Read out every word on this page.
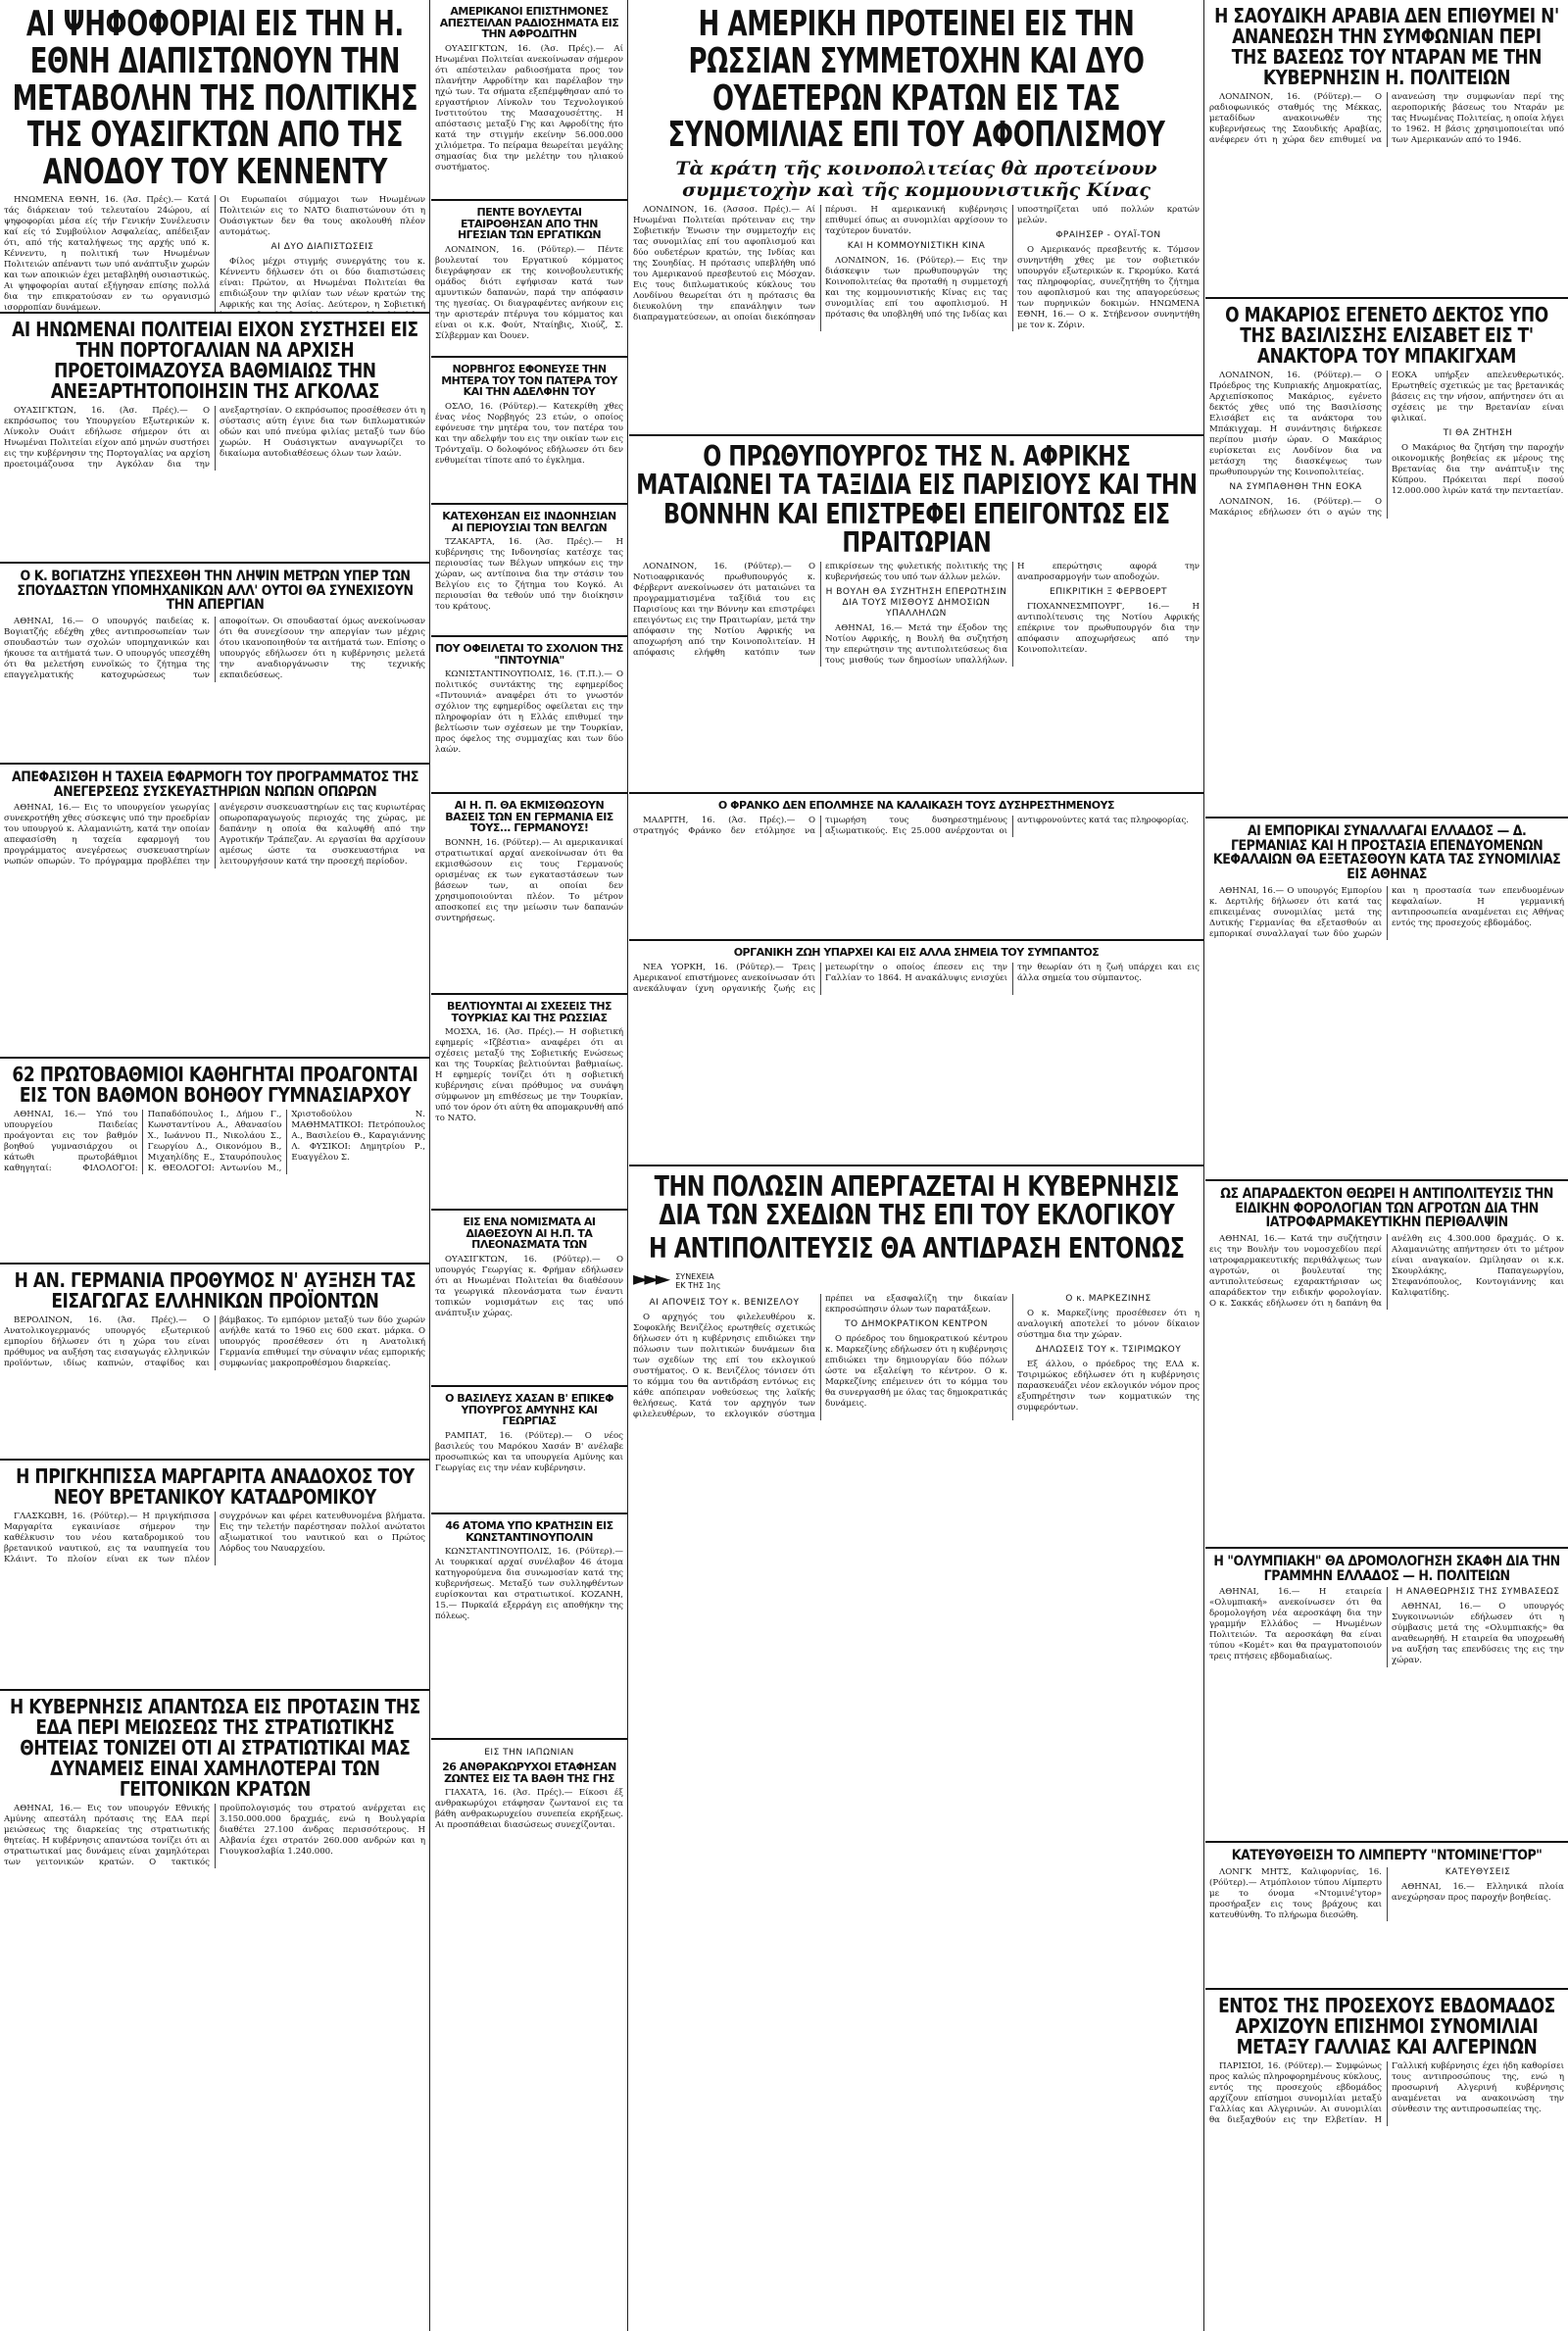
ΑΙ ΨΗΦΟΦΟΡΙΑΙ ΕΙΣ ΤΗΝ Η. ΕΘΝΗ ΔΙΑΠΙΣΤΩΝΟΥΝ ΤΗΝ ΜΕΤΑΒΟΛΗΝ ΤΗΣ ΠΟΛΙΤΙΚΗΣ ΤΗΣ ΟΥΑΣΙΓΚΤΩΝ ΑΠΟ ΤΗΣ ΑΝΟΔΟΥ ΤΟΥ ΚΕΝΝΕΝΤΥ

ΗΝΩΜΕΝΑ ΕΘΝΗ, 16. (Άσ. Πρές).— Κατά τάς διάρκειαν τού τελευταίου 24ώρου, αί ψηφοφορίαι μέσα είς τήν Γενικήν Συνέλευσιν καί είς τό Συμβούλιον Ασφαλείας, απέδειξαν ότι, από τής καταλήψεως της αρχής υπό κ. Κέννεντυ, η πολιτική των Ηνωμένων Πολιτειών απέναντι των υπό ανάπτυξιν χωρών και των αποικιών έχει μεταβληθή ουσιαστικώς. Αι ψηφοφορίαι αυταί εξήγησαν επίσης πολλά δια την επικρατούσαν εν τω οργανισμώ ισορροπίαν δυνάμεων.

Οι Ευρωπαίοι σύμμαχοι των Ηνωμένων Πολιτειών εις το ΝΑΤΟ διαπιστώνουν ότι η Ουάσιγκτων δεν θα τους ακολουθή πλέον αυτομάτως.

ΑΙ ΔΥΟ ΔΙΑΠΙΣΤΩΣΕΙΣ

Φίλος μέχρι στιγμής συνεργάτης του κ. Κέννεντυ δήλωσεν ότι οι δύο διαπιστώσεις είναι: Πρώτον, αι Ηνωμέναι Πολιτείαι θα επιδιώξουν την φιλίαν των νέων κρατών της Αφρικής και της Ασίας. Δεύτερον, η Σοβιετική

ΑΙ ΗΝΩΜΕΝΑΙ ΠΟΛΙΤΕΙΑΙ ΕΙΧΟΝ ΣΥΣΤΗΣΕΙ ΕΙΣ ΤΗΝ ΠΟΡΤΟΓΑΛΙΑΝ ΝΑ ΑΡΧΙΣΗ ΠΡΟΕΤΟΙΜΑΖΟΥΣΑ ΒΑΘΜΙΑΙΩΣ ΤΗΝ ΑΝΕΞΑΡΤΗΤΟΠΟΙΗΣΙΝ ΤΗΣ ΑΓΚΟΛΑΣ

ΟΥΑΣΙΓΚΤΩΝ, 16. (Άσ. Πρές).— Ο εκπρόσωπος του Υπουργείου Εξωτερικών κ. Λίνκολν Ουάιτ εδήλωσε σήμερον ότι αι Ηνωμέναι Πολιτείαι είχον από μηνών συστήσει εις την κυβέρνησιν της Πορτογαλίας να αρχίση προετοιμάζουσα την Αγκόλαν δια την ανεξαρτησίαν. Ο εκπρόσωπος προσέθεσεν ότι η σύστασις αύτη έγινε δια των διπλωματικών οδών και υπό πνεύμα φιλίας μεταξύ των δύο χωρών. Η Ουάσιγκτων αναγνωρίζει το δικαίωμα αυτοδιαθέσεως όλων των λαών.

Ο Κ. ΒΟΓΙΑΤΖΗΣ ΥΠΕΣΧΕΘΗ ΤΗΝ ΛΗΨΙΝ ΜΕΤΡΩΝ ΥΠΕΡ ΤΩΝ ΣΠΟΥΔΑΣΤΩΝ ΥΠΟΜΗΧΑΝΙΚΩΝ ΑΛΛ' ΟΥΤΟΙ ΘΑ ΣΥΝΕΧΙΣΟΥΝ ΤΗΝ ΑΠΕΡΓΙΑΝ

ΑΘΗΝΑΙ, 16.— Ο υπουργός παιδείας κ. Βογιατζής εδέχθη χθες αντιπροσωπείαν των σπουδαστών των σχολών υπομηχανικών και ήκουσε τα αιτήματά των. Ο υπουργός υπεσχέθη ότι θα μελετήση ευνοϊκώς το ζήτημα της επαγγελματικής κατοχυρώσεως των αποφοίτων. Οι σπουδασταί όμως ανεκοίνωσαν ότι θα συνεχίσουν την απεργίαν των μέχρις ότου ικανοποιηθούν τα αιτήματά των. Επίσης ο υπουργός εδήλωσεν ότι η κυβέρνησις μελετά την αναδιοργάνωσιν της τεχνικής εκπαιδεύσεως.

ΑΠΕΦΑΣΙΣΘΗ Η ΤΑΧΕΙΑ ΕΦΑΡΜΟΓΗ ΤΟΥ ΠΡΟΓΡΑΜΜΑΤΟΣ ΤΗΣ ΑΝΕΓΕΡΣΕΩΣ ΣΥΣΚΕΥΑΣΤΗΡΙΩΝ ΝΩΠΩΝ ΟΠΩΡΩΝ

ΑΘΗΝΑΙ, 16.— Εις το υπουργείον γεωργίας συνεκροτήθη χθες σύσκεψις υπό την προεδρίαν του υπουργού κ. Αλαμανιώτη, κατά την οποίαν απεφασίσθη η ταχεία εφαρμογή του προγράμματος ανεγέρσεως συσκευαστηρίων νωπών οπωρών. Το πρόγραμμα προβλέπει την ανέγερσιν συσκευαστηρίων εις τας κυριωτέρας οπωροπαραγωγούς περιοχάς της χώρας, με δαπάνην η οποία θα καλυφθή από την Αγροτικήν Τράπεζαν. Αι εργασίαι θα αρχίσουν αμέσως ώστε τα συσκευαστήρια να λειτουργήσουν κατά την προσεχή περίοδον.

62 ΠΡΩΤΟΒΑΘΜΙΟΙ ΚΑΘΗΓΗΤΑΙ ΠΡΟΑΓΟΝΤΑΙ ΕΙΣ ΤΟΝ ΒΑΘΜΟΝ ΒΟΗΘΟΥ ΓΥΜΝΑΣΙΑΡΧΟΥ

ΑΘΗΝΑΙ, 16.— Υπό του υπουργείου Παιδείας προάγονται εις τον βαθμόν βοηθού γυμνασιάρχου οι κάτωθι πρωτοβάθμιοι καθηγηταί: ΦΙΛΟΛΟΓΟΙ: Παπαδόπουλος Ι., Δήμου Γ., Κωνσταντίνου Α., Αθανασίου Χ., Ιωάννου Π., Νικολάου Σ., Γεωργίου Δ., Οικονόμου Β., Μιχαηλίδης Ε., Σταυρόπουλος Κ. ΘΕΟΛΟΓΟΙ: Αντωνίου Μ., Χριστοδούλου Ν. ΜΑΘΗΜΑΤΙΚΟΙ: Πετρόπουλος Α., Βασιλείου Θ., Καραγιάννης Λ. ΦΥΣΙΚΟΙ: Δημητρίου Ρ., Ευαγγέλου Σ.

Η ΑΝ. ΓΕΡΜΑΝΙΑ ΠΡΟΘΥΜΟΣ Ν' ΑΥΞΗΣΗ ΤΑΣ ΕΙΣΑΓΩΓΑΣ ΕΛΛΗΝΙΚΩΝ ΠΡΟΪΟΝΤΩΝ

ΒΕΡΟΛΙΝΟΝ, 16. (Άσ. Πρές).— Ο Ανατολικογερμανός υπουργός εξωτερικού εμπορίου δήλωσεν ότι η χώρα του είναι πρόθυμος να αυξήση τας εισαγωγάς ελληνικών προϊόντων, ιδίως καπνών, σταφίδος και βάμβακος. Το εμπόριον μεταξύ των δύο χωρών ανήλθε κατά το 1960 εις 600 εκατ. μάρκα. Ο υπουργός προσέθεσεν ότι η Ανατολική Γερμανία επιθυμεί την σύναψιν νέας εμπορικής συμφωνίας μακροπροθέσμου διαρκείας.

Η ΠΡΙΓΚΗΠΙΣΣΑ ΜΑΡΓΑΡΙΤΑ ΑΝΑΔΟΧΟΣ ΤΟΥ ΝΕΟΥ ΒΡΕΤΑΝΙΚΟΥ ΚΑΤΑΔΡΟΜΙΚΟΥ

ΓΛΑΣΚΩΒΗ, 16. (Ρόϋτερ).— Η πριγκήπισσα Μαργαρίτα εγκαινίασε σήμερον την καθέλκυσιν του νέου καταδρομικού του βρετανικού ναυτικού, εις τα ναυπηγεία του Κλάιντ. Το πλοίον είναι εκ των πλέον συγχρόνων και φέρει κατευθυνομένα βλήματα. Εις την τελετήν παρέστησαν πολλοί ανώτατοι αξιωματικοί του ναυτικού και ο Πρώτος Λόρδος του Ναυαρχείου.

Η ΚΥΒΕΡΝΗΣΙΣ ΑΠΑΝΤΩΣΑ ΕΙΣ ΠΡΟΤΑΣΙΝ ΤΗΣ ΕΔΑ ΠΕΡΙ ΜΕΙΩΣΕΩΣ ΤΗΣ ΣΤΡΑΤΙΩΤΙΚΗΣ ΘΗΤΕΙΑΣ ΤΟΝΙΖΕΙ ΟΤΙ ΑΙ ΣΤΡΑΤΙΩΤΙΚΑΙ ΜΑΣ ΔΥΝΑΜΕΙΣ ΕΙΝΑΙ ΧΑΜΗΛΟΤΕΡΑΙ ΤΩΝ ΓΕΙΤΟΝΙΚΩΝ ΚΡΑΤΩΝ

ΑΘΗΝΑΙ, 16.— Εις τον υπουργόν Εθνικής Αμύνης απεστάλη πρότασις της ΕΔΑ περί μειώσεως της διαρκείας της στρατιωτικής θητείας. Η κυβέρνησις απαντώσα τονίζει ότι αι στρατιωτικαί μας δυνάμεις είναι χαμηλότεραι των γειτονικών κρατών. Ο τακτικός προϋπολογισμός του στρατού ανέρχεται εις 3.150.000.000 δραχμάς, ενώ η Βουλγαρία διαθέτει 27.100 άνδρας περισσότερους. Η Αλβανία έχει στρατόν 260.000 ανδρών και η Γιουγκοσλαβία 1.240.000.

ΑΜΕΡΙΚΑΝΟΙ ΕΠΙΣΤΗΜΟΝΕΣ ΑΠΕΣΤΕΙΛΑΝ ΡΑΔΙΟΣΗΜΑΤΑ ΕΙΣ ΤΗΝ ΑΦΡΟΔΙΤΗΝ

ΟΥΑΣΙΓΚΤΩΝ, 16. (Άσ. Πρές).— Αί Ηνωμέναι Πολιτείαι ανεκοίνωσαν σήμερον ότι απέστειλαν ραδιοσήματα προς τον πλανήτην Αφροδίτην και παρέλαβον την ηχώ των. Τα σήματα εξεπέμφθησαν από το εργαστήριον Λίνκολν του Τεχνολογικού Ινστιτούτου της Μασαχουσέττης. Η απόστασις μεταξύ Γης και Αφροδίτης ήτο κατά την στιγμήν εκείνην 56.000.000 χιλιόμετρα. Το πείραμα θεωρείται μεγάλης σημασίας δια την μελέτην του ηλιακού συστήματος.

ΠΕΝΤΕ ΒΟΥΛΕΥΤΑΙ ΕΤΑΙΡΟΘΗΣΑΝ ΑΠΟ ΤΗΝ ΗΓΕΣΙΑΝ ΤΩΝ ΕΡΓΑΤΙΚΩΝ

ΛΟΝΔΙΝΟΝ, 16. (Ρόϋτερ).— Πέντε βουλευταί του Εργατικού κόμματος διεγράφησαν εκ της κοινοβουλευτικής ομάδος διότι εψήφισαν κατά των αμυντικών δαπανών, παρά την απόφασιν της ηγεσίας. Οι διαγραφέντες ανήκουν εις την αριστεράν πτέρυγα του κόμματος και είναι οι κ.κ. Φούτ, Νταίηβις, Χιούζ, Σ. Σίλβερμαν και Όουεν.

ΝΟΡΒΗΓΟΣ ΕΦΟΝΕΥΣΕ ΤΗΝ ΜΗΤΕΡΑ ΤΟΥ ΤΟΝ ΠΑΤΕΡΑ ΤΟΥ ΚΑΙ ΤΗΝ ΑΔΕΛΦΗΝ ΤΟΥ

ΟΣΛΟ, 16. (Ρόϋτερ).— Κατεκρίθη χθες ένας νέος Νορβηγός 23 ετών, ο οποίος εφόνευσε την μητέρα του, τον πατέρα του και την αδελφήν του εις την οικίαν των εις Τρόντχαϊμ. Ο δολοφόνος εδήλωσεν ότι δεν ενθυμείται τίποτε από το έγκλημα.

ΚΑΤΕΧΘΗΣΑΝ ΕΙΣ ΙΝΔΟΝΗΣΙΑΝ ΑΙ ΠΕΡΙΟΥΣΙΑΙ ΤΩΝ ΒΕΛΓΩΝ

ΤΖΑΚΑΡΤΑ, 16. (Άσ. Πρές).— Η κυβέρνησις της Ινδονησίας κατέσχε τας περιουσίας των Βέλγων υπηκόων εις την χώραν, ως αντίποινα δια την στάσιν του Βελγίου εις το ζήτημα του Κογκό. Αι περιουσίαι θα τεθούν υπό την διοίκησιν του κράτους.

ΠΟΥ ΟΦΕΙΛΕΤΑΙ ΤΟ ΣΧΟΛΙΟΝ ΤΗΣ "ΠΝΤΟΥΝΙΑ"

ΚΩΝΙΣΤΑΝΤΙΝΟΥΠΟΛΙΣ, 16. (Τ.Π.).— Ο πολιτικός συντάκτης της εφημερίδος «Πντουνιά» αναφέρει ότι το γνωστόν σχόλιον της εφημερίδος οφείλεται εις την πληροφορίαν ότι η Ελλάς επιθυμεί την βελτίωσιν των σχέσεων με την Τουρκίαν, προς όφελος της συμμαχίας και των δύο λαών.

ΑΙ Η. Π. ΘΑ ΕΚΜΙΣΘΩΣΟΥΝ ΒΑΣΕΙΣ ΤΩΝ ΕΝ ΓΕΡΜΑΝΙΑ ΕΙΣ ΤΟΥΣ... ΓΕΡΜΑΝΟΥΣ!

ΒΟΝΝΗ, 16. (Ρόϋτερ).— Αι αμερικανικαί στρατιωτικαί αρχαί ανεκοίνωσαν ότι θα εκμισθώσουν εις τους Γερμανούς ορισμένας εκ των εγκαταστάσεων των βάσεων των, αι οποίαι δεν χρησιμοποιούνται πλέον. Το μέτρον αποσκοπεί εις την μείωσιν των δαπανών συντηρήσεως.

ΒΕΛΤΙΟΥΝΤΑΙ ΑΙ ΣΧΕΣΕΙΣ ΤΗΣ ΤΟΥΡΚΙΑΣ ΚΑΙ ΤΗΣ ΡΩΣΣΙΑΣ

ΜΟΣΧΑ, 16. (Άσ. Πρές).— Η σοβιετική εφημερίς «Ιζβέστια» αναφέρει ότι αι σχέσεις μεταξύ της Σοβιετικής Ενώσεως και της Τουρκίας βελτιούνται βαθμιαίως. Η εφημερίς τονίζει ότι η σοβιετική κυβέρνησις είναι πρόθυμος να συνάψη σύμφωνον μη επιθέσεως με την Τουρκίαν, υπό τον όρον ότι αύτη θα απομακρυνθή από το ΝΑΤΟ.

ΕΙΣ ΕΝΑ ΝΟΜΙΣΜΑΤΑ ΑΙ ΔΙΑΘΕΣΟΥΝ ΑΙ Η.Π. ΤΑ ΠΛΕΟΝΑΣΜΑΤΑ ΤΩΝ

ΟΥΑΣΙΓΚΤΩΝ, 16. (Ρόϋτερ).— Ο υπουργός Γεωργίας κ. Φρήμαν εδήλωσεν ότι αι Ηνωμέναι Πολιτείαι θα διαθέσουν τα γεωργικά πλεονάσματα των έναντι τοπικών νομισμάτων εις τας υπό ανάπτυξιν χώρας.

Ο ΒΑΣΙΛΕΥΣ ΧΑΣΑΝ Β' ΕΠΙΚΕΦ ΥΠΟΥΡΓΟΣ ΑΜΥΝΗΣ ΚΑΙ ΓΕΩΡΓΙΑΣ

ΡΑΜΠΑΤ, 16. (Ρόϋτερ).— Ο νέος βασιλεύς του Μαρόκου Χασάν Β' ανέλαβε προσωπικώς και τα υπουργεία Αμύνης και Γεωργίας εις την νέαν κυβέρνησιν.

46 ΑΤΟΜΑ ΥΠΟ ΚΡΑΤΗΣΙΝ ΕΙΣ ΚΩΝΣΤΑΝΤΙΝΟΥΠΟΛΙΝ

ΚΩΝΣΤΑΝΤΙΝΟΥΠΟΛΙΣ, 16. (Ρόϋτερ).— Αι τουρκικαί αρχαί συνέλαβον 46 άτομα κατηγορούμενα δια συνωμοσίαν κατά της κυβερνήσεως. Μεταξύ των συλληφθέντων ευρίσκονται και στρατιωτικοί. ΚΟΖΑΝΗ, 15.— Πυρκαϊά εξερράγη εις αποθήκην της πόλεως.

ΕΙΣ ΤΗΝ ΙΑΠΩΝΙΑΝ
26 ΑΝΘΡΑΚΩΡΥΧΟΙ ΕΤΑΦΗΣΑΝ ΖΩΝΤΕΣ ΕΙΣ ΤΑ ΒΑΘΗ ΤΗΣ ΓΗΣ

ΓΙΑΧΑΤΑ, 16. (Άσ. Πρές).— Είκοσι έξ ανθρακωρύχοι ετάφησαν ζωντανοί εις τα βάθη ανθρακωρυχείου συνεπεία εκρήξεως. Αι προσπάθειαι διασώσεως συνεχίζονται.

Η ΑΜΕΡΙΚΗ ΠΡΟΤΕΙΝΕΙ ΕΙΣ ΤΗΝ ΡΩΣΣΙΑΝ ΣΥΜΜΕΤΟΧΗΝ ΚΑΙ ΔΥΟ ΟΥΔΕΤΕΡΩΝ ΚΡΑΤΩΝ ΕΙΣ ΤΑΣ ΣΥΝΟΜΙΛΙΑΣ ΕΠΙ ΤΟΥ ΑΦΟΠΛΙΣΜΟΥ
Τὰ κράτη τῆς κοινοπολιτείας θὰ προτείνουν συμμετοχὴν καὶ τῆς κομμουνιστικῆς Κίνας

ΛΟΝΔΙΝΟΝ, 16. (Άσσοσ. Πρές).— Αί Ηνωμέναι Πολιτείαι πρότειναν εις την Σοβιετικήν Ένωσιν την συμμετοχήν εις τας συνομιλίας επί του αφοπλισμού και δύο ουδετέρων κρατών, της Ινδίας και της Σουηδίας. Η πρότασις υπεβλήθη υπό του Αμερικανού πρεσβευτού εις Μόσχαν. Εις τους διπλωματικούς κύκλους του Λονδίνου θεωρείται ότι η πρότασις θα διευκολύνη την επανάληψιν των διαπραγματεύσεων, αι οποίαι διεκόπησαν πέρυσι. Η αμερικανική κυβέρνησις επιθυμεί όπως αι συνομιλίαι αρχίσουν το ταχύτερον δυνατόν.

ΚΑΙ Η ΚΟΜΜΟΥΝΙΣΤΙΚΗ ΚΙΝΑ

ΛΟΝΔΙΝΟΝ, 16. (Ρόϋτερ).— Εις την διάσκεψιν των πρωθυπουργών της Κοινοπολιτείας θα προταθή η συμμετοχή και της κομμουνιστικής Κίνας εις τας συνομιλίας επί του αφοπλισμού. Η πρότασις θα υποβληθή υπό της Ινδίας και υποστηρίζεται υπό πολλών κρατών μελών.

ΦΡΑΙΗΣΕΡ - ΟΥΑΪ-ΤΟΝ

Ο Αμερικανός πρεσβευτής κ. Τόμσον συνηντήθη χθες με τον σοβιετικόν υπουργόν εξωτερικών κ. Γκρομύκο. Κατά τας πληροφορίας, συνεζητήθη το ζήτημα του αφοπλισμού και της απαγορεύσεως των πυρηνικών δοκιμών. ΗΝΩΜΕΝΑ ΕΘΝΗ, 16.— Ο κ. Στήβενσον συνηντήθη με τον κ. Ζόριν.

Ο ΠΡΩΘΥΠΟΥΡΓΟΣ ΤΗΣ Ν. ΑΦΡΙΚΗΣ ΜΑΤΑΙΩΝΕΙ ΤΑ ΤΑΞΙΔΙΑ ΕΙΣ ΠΑΡΙΣΙΟΥΣ ΚΑΙ ΤΗΝ ΒΟΝΝΗΝ ΚΑΙ ΕΠΙΣΤΡΕΦΕΙ ΕΠΕΙΓΟΝΤΩΣ ΕΙΣ ΠΡΑΙΤΩΡΙΑΝ

ΛΟΝΔΙΝΟΝ, 16. (Ρόϋτερ).— Ο Νοτιοαφρικανός πρωθυπουργός κ. Φέρβερντ ανεκοίνωσεν ότι ματαιώνει τα προγραμματισμένα ταξίδιά του εις Παρισίους και την Βόννην και επιστρέφει επειγόντως εις την Πραιτωρίαν, μετά την απόφασιν της Νοτίου Αφρικής να αποχωρήση από την Κοινοπολιτείαν. Η απόφασις ελήφθη κατόπιν των επικρίσεων της φυλετικής πολιτικής της κυβερνήσεώς του υπό των άλλων μελών.

Η ΒΟΥΛΗ ΘΑ ΣΥΖΗΤΗΣΗ ΕΠΕΡΩΤΗΣΙΝ ΔΙΑ ΤΟΥΣ ΜΙΣΘΟΥΣ ΔΗΜΟΣΙΩΝ ΥΠΑΛΛΗΛΩΝ

ΑΘΗΝΑΙ, 16.— Μετά την έξοδον της Νοτίου Αφρικής, η Βουλή θα συζητήση την επερώτησιν της αντιπολιτεύσεως δια τους μισθούς των δημοσίων υπαλλήλων. Η επερώτησις αφορά την αναπροσαρμογήν των αποδοχών.

ΕΠΙΚΡΙΤΙΚΗ Ξ ΦΕΡΒΟΕΡΤ

ΓΙΟΧΑΝΝΕΣΜΠΟΥΡΓ, 16.— Η αντιπολίτευσις της Νοτίου Αφρικής επέκρινε τον πρωθυπουργόν δια την απόφασιν αποχωρήσεως από την Κοινοπολιτείαν.

Ο ΦΡΑΝΚΟ ΔΕΝ ΕΠΟΛΜΗΣΕ ΝΑ ΚΑΛΑΙΚΑΣΗ ΤΟΥΣ ΔΥΣΗΡΕΣΤΗΜΕΝΟΥΣ

ΜΑΔΡΙΤΗ, 16. (Άσ. Πρές).— Ο στρατηγός Φράνκο δεν ετόλμησε να τιμωρήση τους δυσηρεστημένους αξιωματικούς. Εις 25.000 ανέρχονται οι αντιφρονούντες κατά τας πληροφορίας.

ΟΡΓΑΝΙΚΗ ΖΩΗ ΥΠΑΡΧΕΙ ΚΑΙ ΕΙΣ ΑΛΛΑ ΣΗΜΕΙΑ ΤΟΥ ΣΥΜΠΑΝΤΟΣ

ΝΕΑ ΥΟΡΚΗ, 16. (Ρόϋτερ).— Τρεις Αμερικανοί επιστήμονες ανεκοίνωσαν ότι ανεκάλυψαν ίχνη οργανικής ζωής εις μετεωρίτην ο οποίος έπεσεν εις την Γαλλίαν το 1864. Η ανακάλυψις ενισχύει την θεωρίαν ότι η ζωή υπάρχει και εις άλλα σημεία του σύμπαντος.

ΤΗΝ ΠΟΛΩΣΙΝ ΑΠΕΡΓΑΖΕΤΑΙ Η ΚΥΒΕΡΝΗΣΙΣ ΔΙΑ ΤΩΝ ΣΧΕΔΙΩΝ ΤΗΣ ΕΠΙ ΤΟΥ ΕΚΛΟΓΙΚΟΥ
Η ΑΝΤΙΠΟΛΙΤΕΥΣΙΣ ΘΑ ΑΝΤΙΔΡΑΣΗ ΕΝΤΟΝΩΣ
►►► ΣΥΝΕΧΕΙΑ
ΕΚ ΤΗΣ 1ης
ΑΙ ΑΠΟΨΕΙΣ ΤΟΥ κ. ΒΕΝΙΖΕΛΟΥ

Ο αρχηγός του φιλελευθέρου κ. Σοφοκλής Βενιζέλος ερωτηθείς σχετικώς δήλωσεν ότι η κυβέρνησις επιδιώκει την πόλωσιν των πολιτικών δυνάμεων δια των σχεδίων της επί του εκλογικού συστήματος. Ο κ. Βενιζέλος τόνισεν ότι το κόμμα του θα αντιδράση εντόνως εις κάθε απόπειραν νοθεύσεως της λαϊκής θελήσεως. Κατά τον αρχηγόν των φιλελευθέρων, το εκλογικόν σύστημα πρέπει να εξασφαλίζη την δικαίαν εκπροσώπησιν όλων των παρατάξεων.

ΤΟ ΔΗΜΟΚΡΑΤΙΚΟΝ ΚΕΝΤΡΟΝ

Ο πρόεδρος του δημοκρατικού κέντρου κ. Μαρκεζίνης εδήλωσεν ότι η κυβέρνησις επιδιώκει την δημιουργίαν δύο πόλων ώστε να εξαλείψη το κέντρον. Ο κ. Μαρκεζίνης επέμεινεν ότι το κόμμα του θα συνεργασθή με όλας τας δημοκρατικάς δυνάμεις.

Ο κ. ΜΑΡΚΕΖΙΝΗΣ

Ο κ. Μαρκεζίνης προσέθεσεν ότι η αναλογική αποτελεί το μόνον δίκαιον σύστημα δια την χώραν.

ΔΗΛΩΣΕΙΣ ΤΟΥ κ. ΤΣΙΡΙΜΩΚΟΥ

Εξ άλλου, ο πρόεδρος της ΕΛΔ κ. Τσιριμώκος εδήλωσεν ότι η κυβέρνησις παρασκευάζει νέον εκλογικόν νόμον προς εξυπηρέτησιν των κομματικών της συμφερόντων.

Η ΣΑΟΥΔΙΚΗ ΑΡΑΒΙΑ ΔΕΝ ΕΠΙΘΥΜΕΙ Ν' ΑΝΑΝΕΩΣΗ ΤΗΝ ΣΥΜΦΩΝΙΑΝ ΠΕΡΙ ΤΗΣ ΒΑΣΕΩΣ ΤΟΥ ΝΤΑΡΑΝ ΜΕ ΤΗΝ ΚΥΒΕΡΝΗΣΙΝ Η. ΠΟΛΙΤΕΙΩΝ

ΛΟΝΔΙΝΟΝ, 16. (Ρόϋτερ).— Ο ραδιοφωνικός σταθμός της Μέκκας, μεταδίδων ανακοινωθέν της κυβερνήσεως της Σαουδικής Αραβίας, ανέφερεν ότι η χώρα δεν επιθυμεί να ανανεώση την συμφωνίαν περί της αεροπορικής βάσεως του Νταράν με τας Ηνωμένας Πολιτείας, η οποία λήγει το 1962. Η βάσις χρησιμοποιείται υπό των Αμερικανών από το 1946.

Ο ΜΑΚΑΡΙΟΣ ΕΓΕΝΕΤΟ ΔΕΚΤΟΣ ΥΠΟ ΤΗΣ ΒΑΣΙΛΙΣΣΗΣ ΕΛΙΣΑΒΕΤ ΕΙΣ Τ' ΑΝΑΚΤΟΡΑ ΤΟΥ ΜΠΑΚΙΓΧΑΜ

ΛΟΝΔΙΝΟΝ, 16. (Ρόϋτερ).— Ο Πρόεδρος της Κυπριακής Δημοκρατίας, Αρχιεπίσκοπος Μακάριος, εγένετο δεκτός χθες υπό της Βασιλίσσης Ελισάβετ εις τα ανάκτορα του Μπάκιγχαμ. Η συνάντησις διήρκεσε περίπου μισήν ώραν. Ο Μακάριος ευρίσκεται εις Λονδίνον δια να μετάσχη της διασκέψεως των πρωθυπουργών της Κοινοπολιτείας.

ΝΑ ΣΥΜΠΑΘΗΘΗ ΤΗΝ ΕΟΚΑ

ΛΟΝΔΙΝΟΝ, 16. (Ρόϋτερ).— Ο Μακάριος εδήλωσεν ότι ο αγών της ΕΟΚΑ υπήρξεν απελευθερωτικός. Ερωτηθείς σχετικώς με τας βρετανικάς βάσεις εις την νήσον, απήντησεν ότι αι σχέσεις με την Βρετανίαν είναι φιλικαί.

ΤΙ ΘΑ ΖΗΤΗΣΗ

Ο Μακάριος θα ζητήση την παροχήν οικονομικής βοηθείας εκ μέρους της Βρετανίας δια την ανάπτυξιν της Κύπρου. Πρόκειται περί ποσού 12.000.000 λιρών κατά την πενταετίαν.

ΑΙ ΕΜΠΟΡΙΚΑΙ ΣΥΝΑΛΛΑΓΑΙ ΕΛΛΑΔΟΣ — Δ. ΓΕΡΜΑΝΙΑΣ ΚΑΙ Η ΠΡΟΣΤΑΣΙΑ ΕΠΕΝΔΥΟΜΕΝΩΝ ΚΕΦΑΛΑΙΩΝ ΘΑ ΕΞΕΤΑΣΘΟΥΝ ΚΑΤΑ ΤΑΣ ΣΥΝΟΜΙΛΙΑΣ ΕΙΣ ΑΘΗΝΑΣ

ΑΘΗΝΑΙ, 16.— Ο υπουργός Εμπορίου κ. Δερτιλής δήλωσεν ότι κατά τας επικειμένας συνομιλίας μετά της Δυτικής Γερμανίας θα εξετασθούν αι εμπορικαί συναλλαγαί των δύο χωρών και η προστασία των επενδυομένων κεφαλαίων. Η γερμανική αντιπροσωπεία αναμένεται εις Αθήνας εντός της προσεχούς εβδομάδος.

ΩΣ ΑΠΑΡΑΔΕΚΤΟΝ ΘΕΩΡΕΙ Η ΑΝΤΙΠΟΛΙΤΕΥΣΙΣ ΤΗΝ ΕΙΔΙΚΗΝ ΦΟΡΟΛΟΓΙΑΝ ΤΩΝ ΑΓΡΟΤΩΝ ΔΙΑ ΤΗΝ ΙΑΤΡΟΦΑΡΜΑΚΕΥΤΙΚΗΝ ΠΕΡΙΘΑΛΨΙΝ

ΑΘΗΝΑΙ, 16.— Κατά την συζήτησιν εις την Βουλήν του νομοσχεδίου περί ιατροφαρμακευτικής περιθάλψεως των αγροτών, οι βουλευταί της αντιπολιτεύσεως εχαρακτήρισαν ως απαράδεκτον την ειδικήν φορολογίαν. Ο κ. Σακκάς εδήλωσεν ότι η δαπάνη θα ανέλθη εις 4.300.000 δραχμάς. Ο κ. Αλαμανιώτης απήντησεν ότι το μέτρον είναι αναγκαίον. Ωμίλησαν οι κ.κ. Σκουρλάκης, Παπαγεωργίου, Στεφανόπουλος, Κοντογιάννης και Καλιφατίδης.

Η "ΟΛΥΜΠΙΑΚΗ" ΘΑ ΔΡΟΜΟΛΟΓΗΣΗ ΣΚΑΦΗ ΔΙΑ ΤΗΝ ΓΡΑΜΜΗΝ ΕΛΛΑΔΟΣ — Η. ΠΟΛΙΤΕΙΩΝ

ΑΘΗΝΑΙ, 16.— Η εταιρεία «Ολυμπιακή» ανεκοίνωσεν ότι θα δρομολογήση νέα αεροσκάφη δια την γραμμήν Ελλάδος — Ηνωμένων Πολιτειών. Τα αεροσκάφη θα είναι τύπου «Κομέτ» και θα πραγματοποιούν τρεις πτήσεις εβδομαδιαίως.

Η ΑΝΑΘΕΩΡΗΣΙΣ ΤΗΣ ΣΥΜΒΑΣΕΩΣ

ΑΘΗΝΑΙ, 16.— Ο υπουργός Συγκοινωνιών εδήλωσεν ότι η σύμβασις μετά της «Ολυμπιακής» θα αναθεωρηθή. Η εταιρεία θα υποχρεωθή να αυξήση τας επενδύσεις της εις την χώραν.

ΚΑΤΕΥΘΥΘΕΙΣΗ ΤΟ ΛΙΜΠΕΡΤΥ "ΝΤΟΜΙΝΕ'ΓΤΟΡ"

ΛΟΝΓΚ ΜΗΤΣ, Καλιφορνίας, 16. (Ρόϋτερ).— Ατμόπλοιον τύπου Λίμπερτυ με το όνομα «Ντομινέ'γτορ» προσήραξεν εις τους βράχους και κατευθύνθη. Το πλήρωμα διεσώθη.

ΚΑΤΕΥΘΥΣΕΙΣ

ΑΘΗΝΑΙ, 16.— Ελληνικά πλοία ανεχώρησαν προς παροχήν βοηθείας.

ΕΝΤΟΣ ΤΗΣ ΠΡΟΣΕΧΟΥΣ ΕΒΔΟΜΑΔΟΣ ΑΡΧΙΖΟΥΝ ΕΠΙΣΗΜΟΙ ΣΥΝΟΜΙΛΙΑΙ ΜΕΤΑΞΥ ΓΑΛΛΙΑΣ ΚΑΙ ΑΛΓΕΡΙΝΩΝ

ΠΑΡΙΣΙΟΙ, 16. (Ρόϋτερ).— Συμφώνως προς καλώς πληροφορημένους κύκλους, εντός της προσεχούς εβδομάδος αρχίζουν επίσημοι συνομιλίαι μεταξύ Γαλλίας και Αλγερινών. Αι συνομιλίαι θα διεξαχθούν εις την Ελβετίαν. Η Γαλλική κυβέρνησις έχει ήδη καθορίσει τους αντιπροσώπους της, ενώ η προσωρινή Αλγερινή κυβέρνησις αναμένεται να ανακοινώση την σύνθεσιν της αντιπροσωπείας της.
